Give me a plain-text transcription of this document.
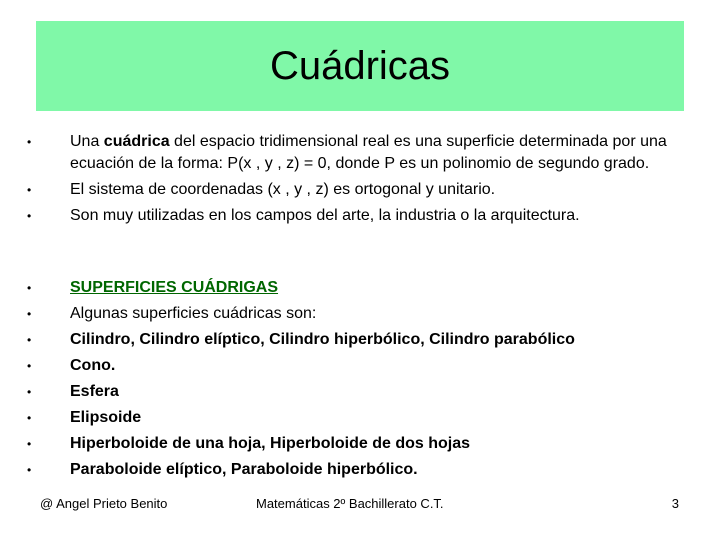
Cuádricas
• Una cuádrica del espacio tridimensional real es una superficie determinada por una ecuación de la forma: P(x , y , z) = 0, donde P es un polinomio de segundo grado.
• El sistema de coordenadas (x , y , z) es ortogonal y unitario.
• Son muy utilizadas en los campos del arte, la industria o la arquitectura.
• SUPERFICIES CUÁDRIGAS
• Algunas superficies cuádricas son:
• Cilindro, Cilindro elíptico, Cilindro hiperbólico, Cilindro parabólico
• Cono.
• Esfera
• Elipsoide
• Hiperboloide de una hoja, Hiperboloide de dos hojas
• Paraboloide elíptico, Paraboloide hiperbólico.
@ Angel Prieto Benito	Matemáticas 2º Bachillerato C.T.	3
